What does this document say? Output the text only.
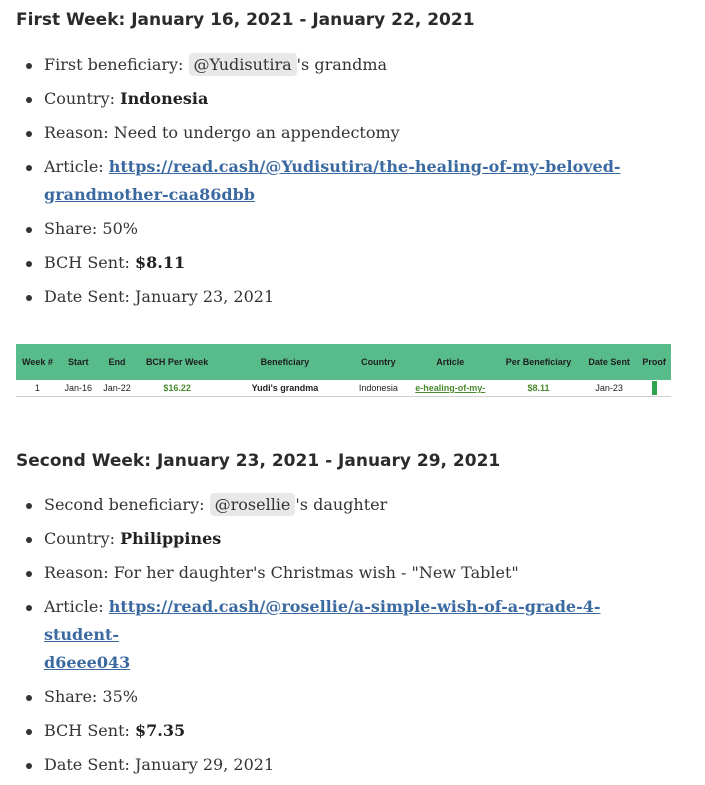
First Week: January 16, 2021 - January 22, 2021
First beneficiary: @Yudisutira 's grandma
Country: Indonesia
Reason: Need to undergo an appendectomy
Article: https://read.cash/@Yudisutira/the-healing-of-my-beloved-
grandmother-caa86dbb
Share: 50%
BCH Sent: $8.11
Date Sent: January 23, 2021
Week #	Start	End	BCH Per Week	Beneficiary	Country	Article	Per Beneficiary	Date Sent	Proof
1	Jan-16	Jan-22	$16.22	Yudi's grandma	Indonesia	e-healing-of-my-	$8.11	Jan-23	
Second Week: January 23, 2021 - January 29, 2021
Second beneficiary: @rosellie 's daughter
Country: Philippines
Reason: For her daughter's Christmas wish - "New Tablet"
Article: https://read.cash/@rosellie/a-simple-wish-of-a-grade-4-student-
d6eee043
Share: 35%
BCH Sent: $7.35
Date Sent: January 29, 2021
